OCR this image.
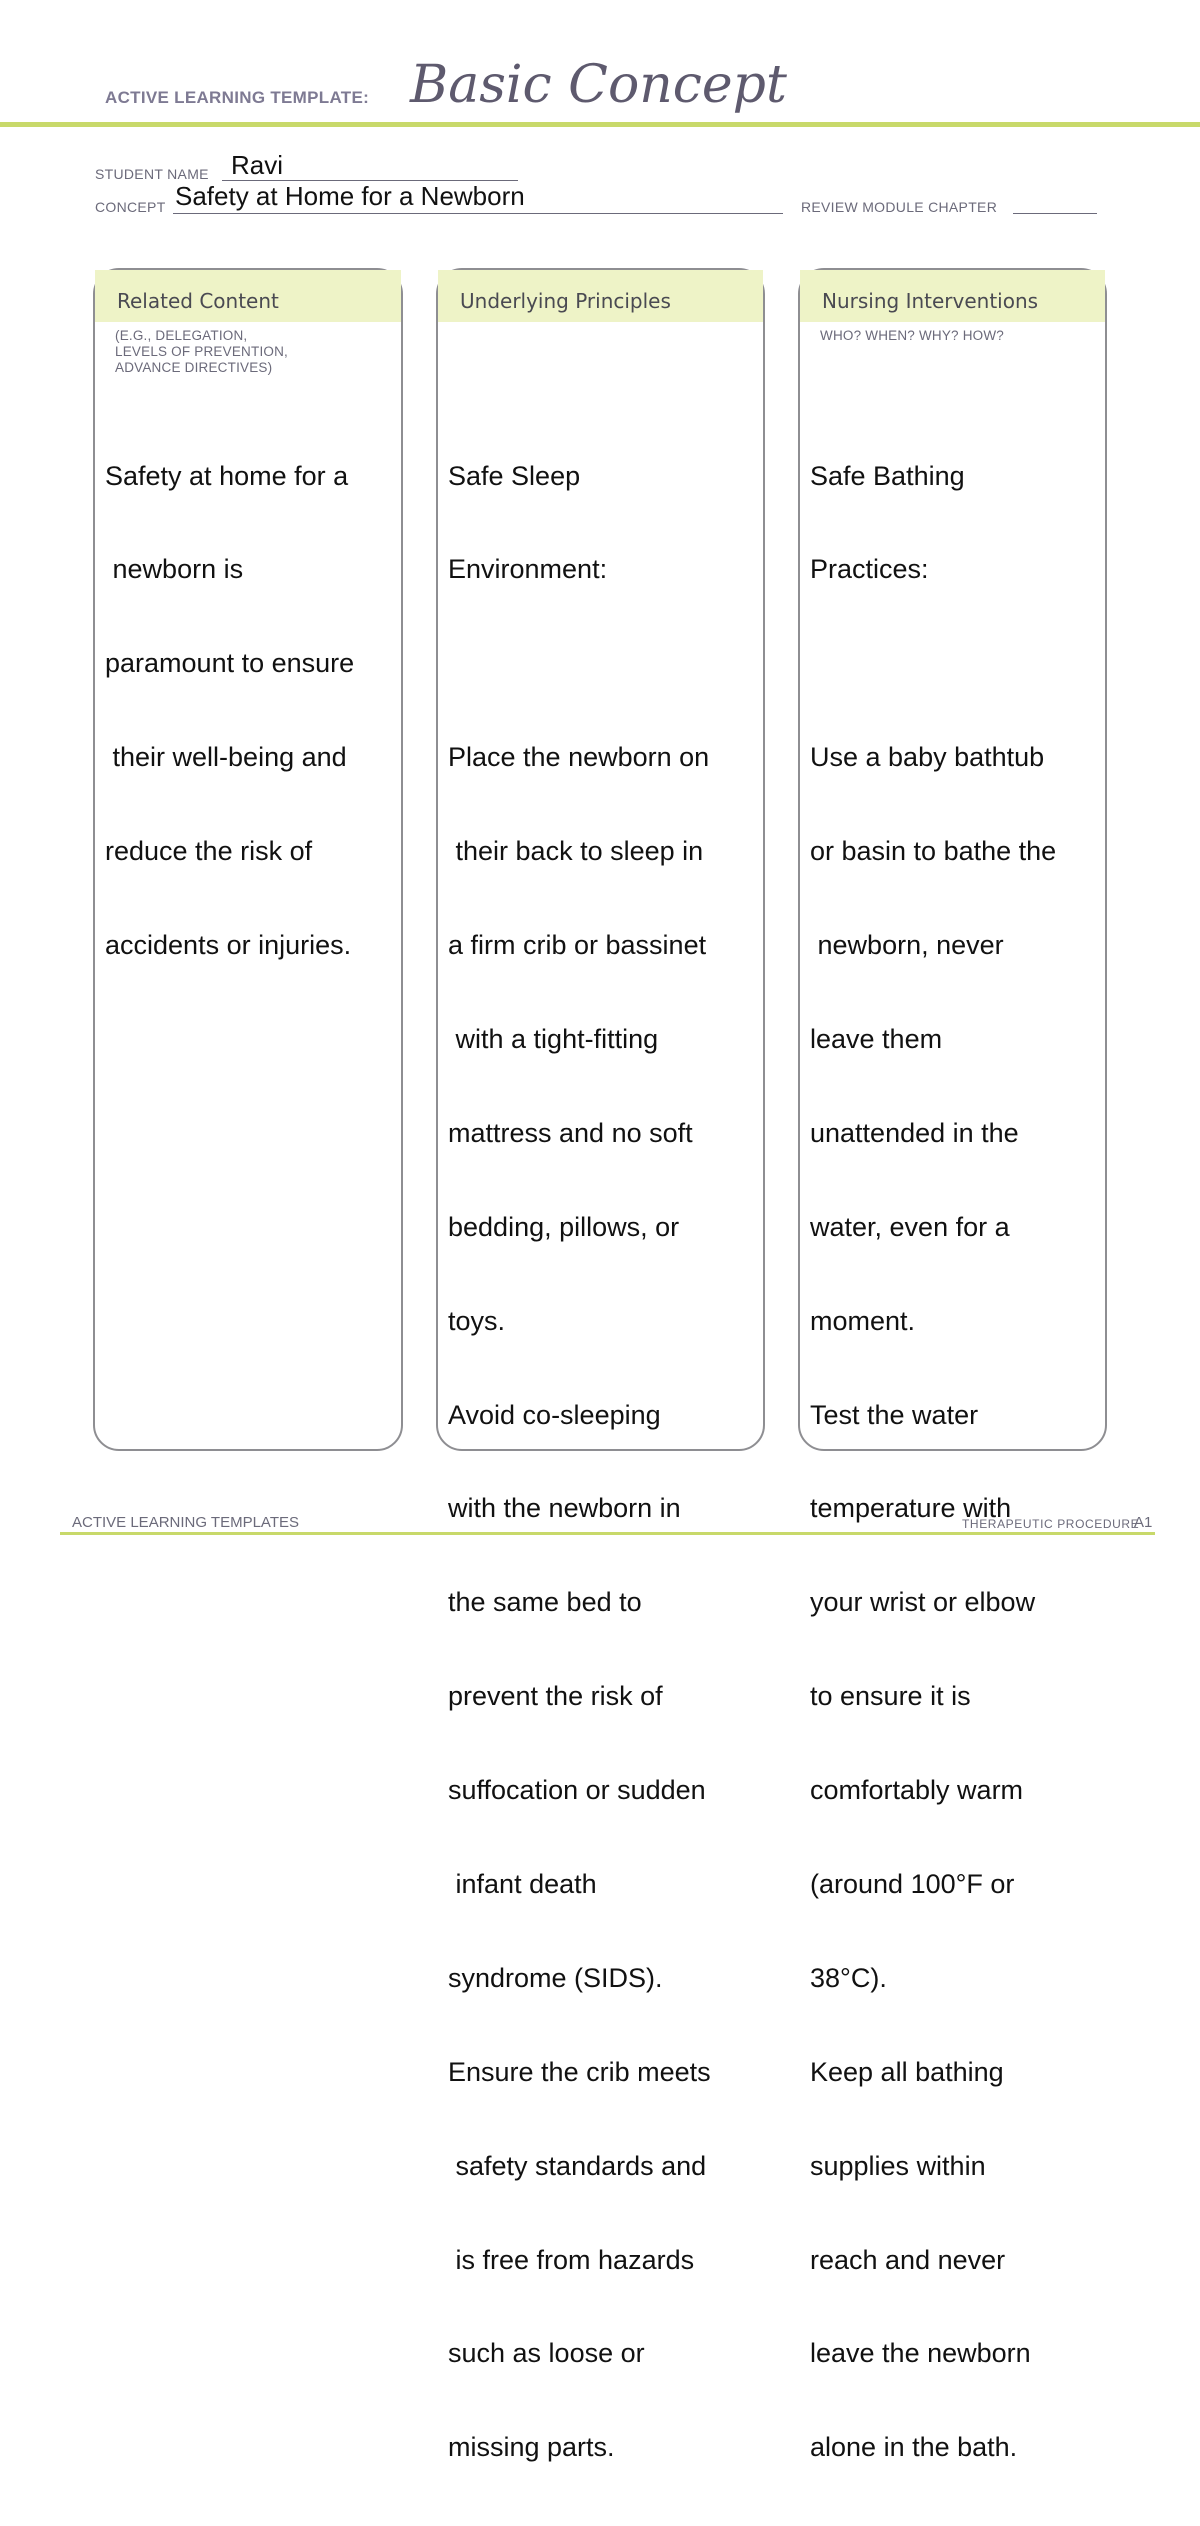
ACTIVE LEARNING TEMPLATE: Basic Concept
STUDENT NAME Ravi
CONCEPT Safety at Home for a Newborn	REVIEW MODULE CHAPTER

Related Content
(E.G., DELEGATION,
LEVELS OF PREVENTION,
ADVANCE DIRECTIVES)

Safety at home for a

newborn is

paramount to ensure

their well-being and

reduce the risk of

accidents or injuries.

Underlying Principles

Safe Sleep

Environment:

Place the newborn on

their back to sleep in

a firm crib or bassinet

with a tight-fitting

mattress and no soft

bedding, pillows, or

toys.

Avoid co-sleeping

with the newborn in

the same bed to

prevent the risk of

suffocation or sudden

infant death

syndrome (SIDS).

Ensure the crib meets

safety standards and

is free from hazards

such as loose or

missing parts.

Nursing Interventions
WHO? WHEN? WHY? HOW?

Safe Bathing

Practices:

Use a baby bathtub

or basin to bathe the

newborn, never

leave them

unattended in the

water, even for a

moment.

Test the water

temperature with

your wrist or elbow

to ensure it is

comfortably warm

(around 100°F or

38°C).

Keep all bathing

supplies within

reach and never

leave the newborn

alone in the bath.

ACTIVE LEARNING TEMPLATES	THERAPEUTIC PROCEDURE
A1
